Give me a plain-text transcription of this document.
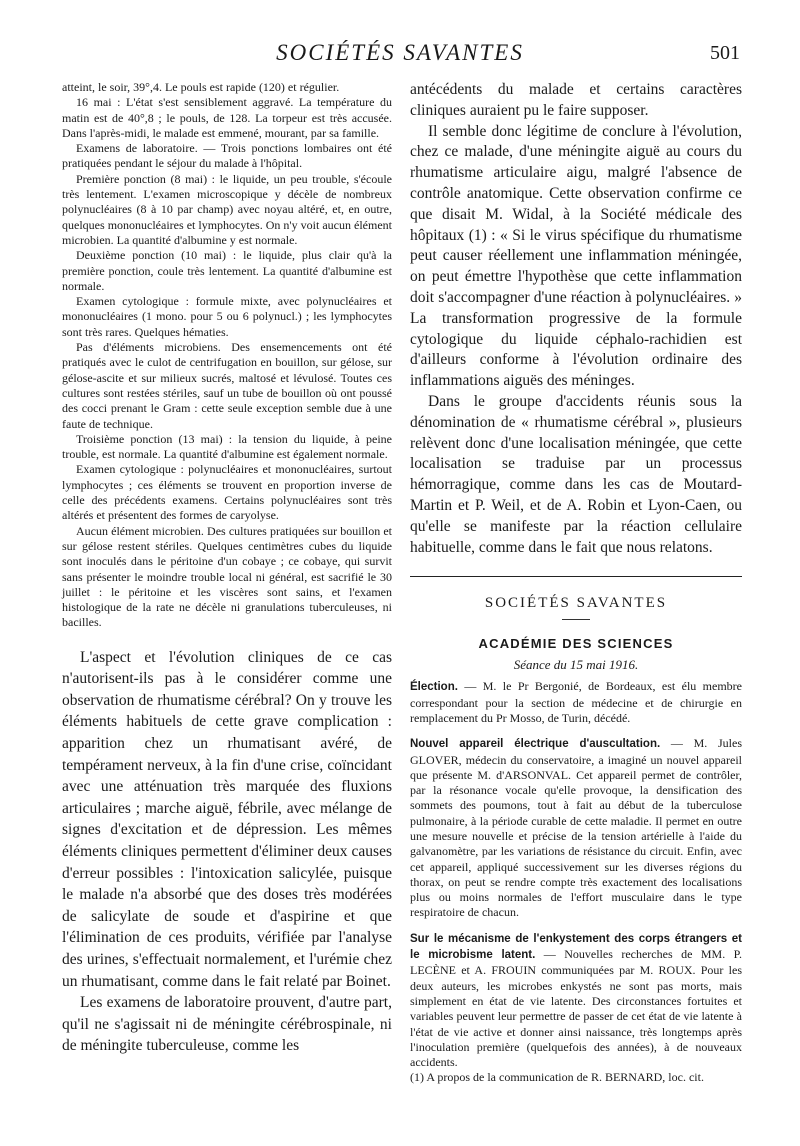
SOCIÉTÉS SAVANTES	501

atteint, le soir, 39°,4. Le pouls est rapide (120) et régulier.

16 mai : L'état s'est sensiblement aggravé. La température du matin est de 40°,8 ; le pouls, de 128. La torpeur est très accusée. Dans l'après-midi, le malade est emmené, mourant, par sa famille.

Examens de laboratoire. — Trois ponctions lombaires ont été pratiquées pendant le séjour du malade à l'hôpital.

Première ponction (8 mai) : le liquide, un peu trouble, s'écoule très lentement. L'examen microscopique y décèle de nombreux polynucléaires (8 à 10 par champ) avec noyau altéré, et, en outre, quelques mononucléaires et lymphocytes. On n'y voit aucun élément microbien. La quantité d'albumine y est normale.

Deuxième ponction (10 mai) : le liquide, plus clair qu'à la première ponction, coule très lentement. La quantité d'albumine est normale.

Examen cytologique : formule mixte, avec polynucléaires et mononucléaires (1 mono. pour 5 ou 6 polynucl.) ; les lymphocytes sont très rares. Quelques hématies.

Pas d'éléments microbiens. Des ensemencements ont été pratiqués avec le culot de centrifugation en bouillon, sur gélose, sur gélose-ascite et sur milieux sucrés, maltosé et lévulosé. Toutes ces cultures sont restées stériles, sauf un tube de bouillon où ont poussé des cocci prenant le Gram : cette seule exception semble due à une faute de technique.

Troisième ponction (13 mai) : la tension du liquide, à peine trouble, est normale. La quantité d'albumine est également normale.

Examen cytologique : polynucléaires et mononucléaires, surtout lymphocytes ; ces éléments se trouvent en proportion inverse de celle des précédents examens. Certains polynucléaires sont très altérés et présentent des formes de caryolyse.

Aucun élément microbien. Des cultures pratiquées sur bouillon et sur gélose restent stériles. Quelques centimètres cubes du liquide sont inoculés dans le péritoine d'un cobaye ; ce cobaye, qui survit sans présenter le moindre trouble local ni général, est sacrifié le 30 juillet : le péritoine et les viscères sont sains, et l'examen histologique de la rate ne décèle ni granulations tuberculeuses, ni bacilles.

L'aspect et l'évolution cliniques de ce cas n'autorisent-ils pas à le considérer comme une observation de rhumatisme cérébral? On y trouve les éléments habituels de cette grave complication : apparition chez un rhumatisant avéré, de tempérament nerveux, à la fin d'une crise, coïncidant avec une atténuation très marquée des fluxions articulaires ; marche aiguë, fébrile, avec mélange de signes d'excitation et de dépression. Les mêmes éléments cliniques permettent d'éliminer deux causes d'erreur possibles : l'intoxication salicylée, puisque le malade n'a absorbé que des doses très modérées de salicylate de soude et d'aspirine et que l'élimination de ces produits, vérifiée par l'analyse des urines, s'effectuait normalement, et l'urémie chez un rhumatisant, comme dans le fait relaté par Boinet.

Les examens de laboratoire prouvent, d'autre part, qu'il ne s'agissait ni de méningite cérébrospinale, ni de méningite tuberculeuse, comme les

antécédents du malade et certains caractères cliniques auraient pu le faire supposer.

Il semble donc légitime de conclure à l'évolution, chez ce malade, d'une méningite aiguë au cours du rhumatisme articulaire aigu, malgré l'absence de contrôle anatomique. Cette observation confirme ce que disait M. Widal, à la Société médicale des hôpitaux (1) : « Si le virus spécifique du rhumatisme peut causer réellement une inflammation méningée, on peut émettre l'hypothèse que cette inflammation doit s'accompagner d'une réaction à polynucléaires. » La transformation progressive de la formule cytologique du liquide céphalo-rachidien est d'ailleurs conforme à l'évolution ordinaire des inflammations aiguës des méninges.

Dans le groupe d'accidents réunis sous la dénomination de « rhumatisme cérébral », plusieurs relèvent donc d'une localisation méningée, que cette localisation se traduise par un processus hémorragique, comme dans les cas de Moutard-Martin et P. Weil, et de A. Robin et Lyon-Caen, ou qu'elle se manifeste par la réaction cellulaire habituelle, comme dans le fait que nous relatons.

SOCIÉTÉS SAVANTES
ACADÉMIE DES SCIENCES
Séance du 15 mai 1916.

Élection. — M. le Pr Bergonié, de Bordeaux, est élu membre correspondant pour la section de médecine et de chirurgie en remplacement du Pr Mosso, de Turin, décédé.

Nouvel appareil électrique d'auscultation. — M. Jules GLOVER, médecin du conservatoire, a imaginé un nouvel appareil que présente M. d'ARSONVAL. Cet appareil permet de contrôler, par la résonance vocale qu'elle provoque, la densification des sommets des poumons, tout à fait au début de la tuberculose pulmonaire, à la période curable de cette maladie. Il permet en outre une mesure nouvelle et précise de la tension artérielle à l'aide du galvanomètre, par les variations de résistance du circuit. Enfin, avec cet appareil, appliqué successivement sur les diverses régions du thorax, on peut se rendre compte très exactement des localisations plus ou moins normales de l'effort musculaire dans le type respiratoire de chacun.

Sur le mécanisme de l'enkystement des corps étrangers et le microbisme latent. — Nouvelles recherches de MM. P. LECÈNE et A. FROUIN communiquées par M. ROUX. Pour les deux auteurs, les microbes enkystés ne sont pas morts, mais simplement en état de vie latente. Des circonstances fortuites et variables peuvent leur permettre de passer de cet état de vie latente à l'état de vie active et donner ainsi naissance, très longtemps après l'inoculation première (quelquefois des années), à de nouveaux accidents.

(1) A propos de la communication de R. BERNARD, loc. cit.
